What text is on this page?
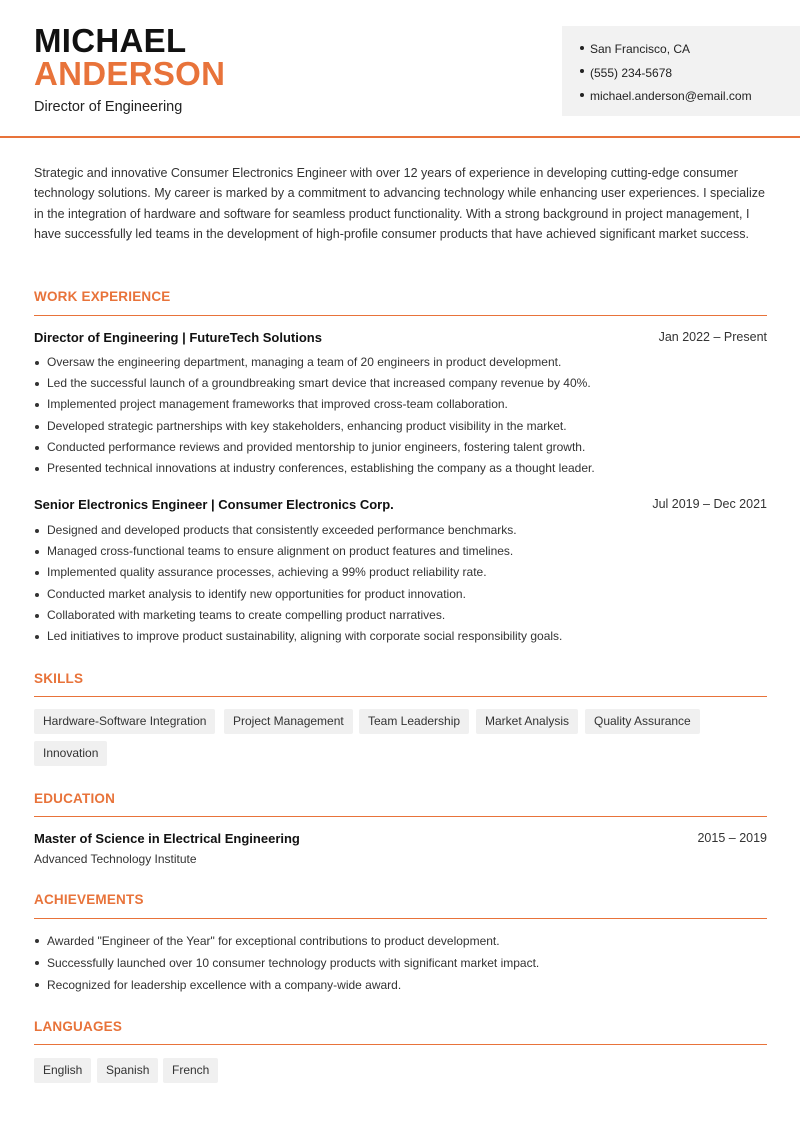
MICHAEL
ANDERSON
Director of Engineering
San Francisco, CA
(555) 234-5678
michael.anderson@email.com
Strategic and innovative Consumer Electronics Engineer with over 12 years of experience in developing cutting-edge consumer technology solutions. My career is marked by a commitment to advancing technology while enhancing user experiences. I specialize in the integration of hardware and software for seamless product functionality. With a strong background in project management, I have successfully led teams in the development of high-profile consumer products that have achieved significant market success.
WORK EXPERIENCE
Director of Engineering | FutureTech Solutions	Jan 2022 – Present
Oversaw the engineering department, managing a team of 20 engineers in product development.
Led the successful launch of a groundbreaking smart device that increased company revenue by 40%.
Implemented project management frameworks that improved cross-team collaboration.
Developed strategic partnerships with key stakeholders, enhancing product visibility in the market.
Conducted performance reviews and provided mentorship to junior engineers, fostering talent growth.
Presented technical innovations at industry conferences, establishing the company as a thought leader.
Senior Electronics Engineer | Consumer Electronics Corp.	Jul 2019 – Dec 2021
Designed and developed products that consistently exceeded performance benchmarks.
Managed cross-functional teams to ensure alignment on product features and timelines.
Implemented quality assurance processes, achieving a 99% product reliability rate.
Conducted market analysis to identify new opportunities for product innovation.
Collaborated with marketing teams to create compelling product narratives.
Led initiatives to improve product sustainability, aligning with corporate social responsibility goals.
SKILLS
Hardware-Software Integration	Project Management	Team Leadership	Market Analysis	Quality Assurance
Innovation
EDUCATION
Master of Science in Electrical Engineering	2015 – 2019
Advanced Technology Institute
ACHIEVEMENTS
Awarded "Engineer of the Year" for exceptional contributions to product development.
Successfully launched over 10 consumer technology products with significant market impact.
Recognized for leadership excellence with a company-wide award.
LANGUAGES
English	Spanish	French
